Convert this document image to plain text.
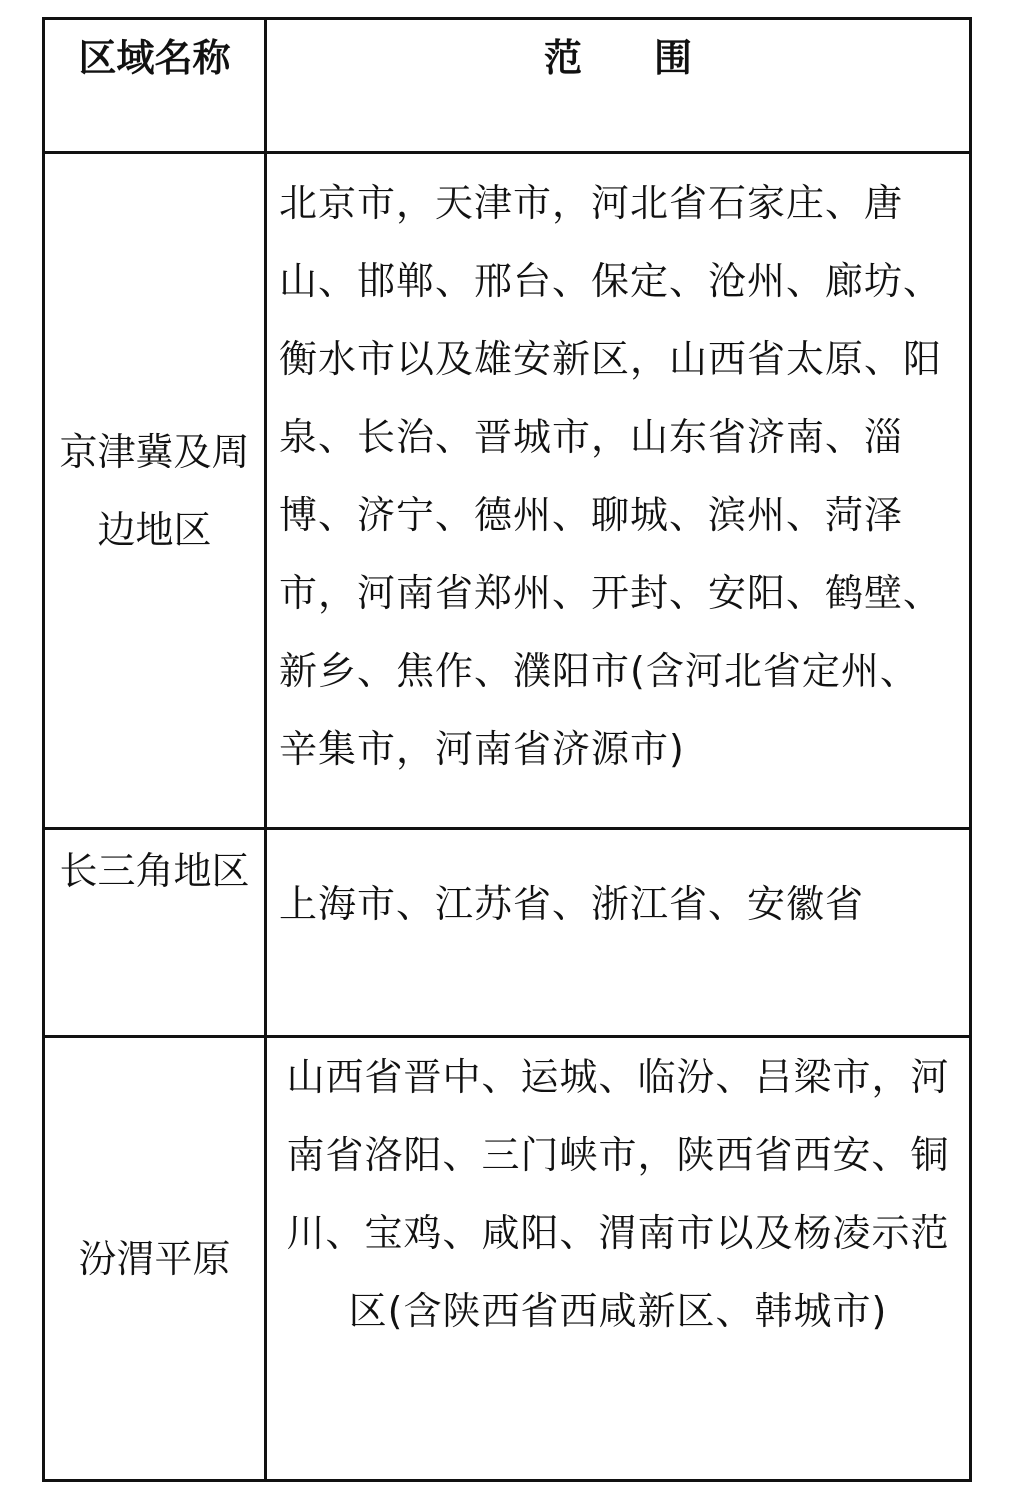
区域名称	范围
京津冀及周边地区	北京市，天津市，河北省石家庄、唐山、邯郸、邢台、保定、沧州、廊坊、衡水市以及雄安新区，山西省太原、阳泉、长治、晋城市，山东省济南、淄博、济宁、德州、聊城、滨州、菏泽市，河南省郑州、开封、安阳、鹤壁、新乡、焦作、濮阳市(含河北省定州、辛集市，河南省济源市)
长三角地区	上海市、江苏省、浙江省、安徽省
汾渭平原	山西省晋中、运城、临汾、吕梁市，河南省洛阳、三门峡市，陕西省西安、铜川、宝鸡、咸阳、渭南市以及杨凌示范区(含陕西省西咸新区、韩城市)
